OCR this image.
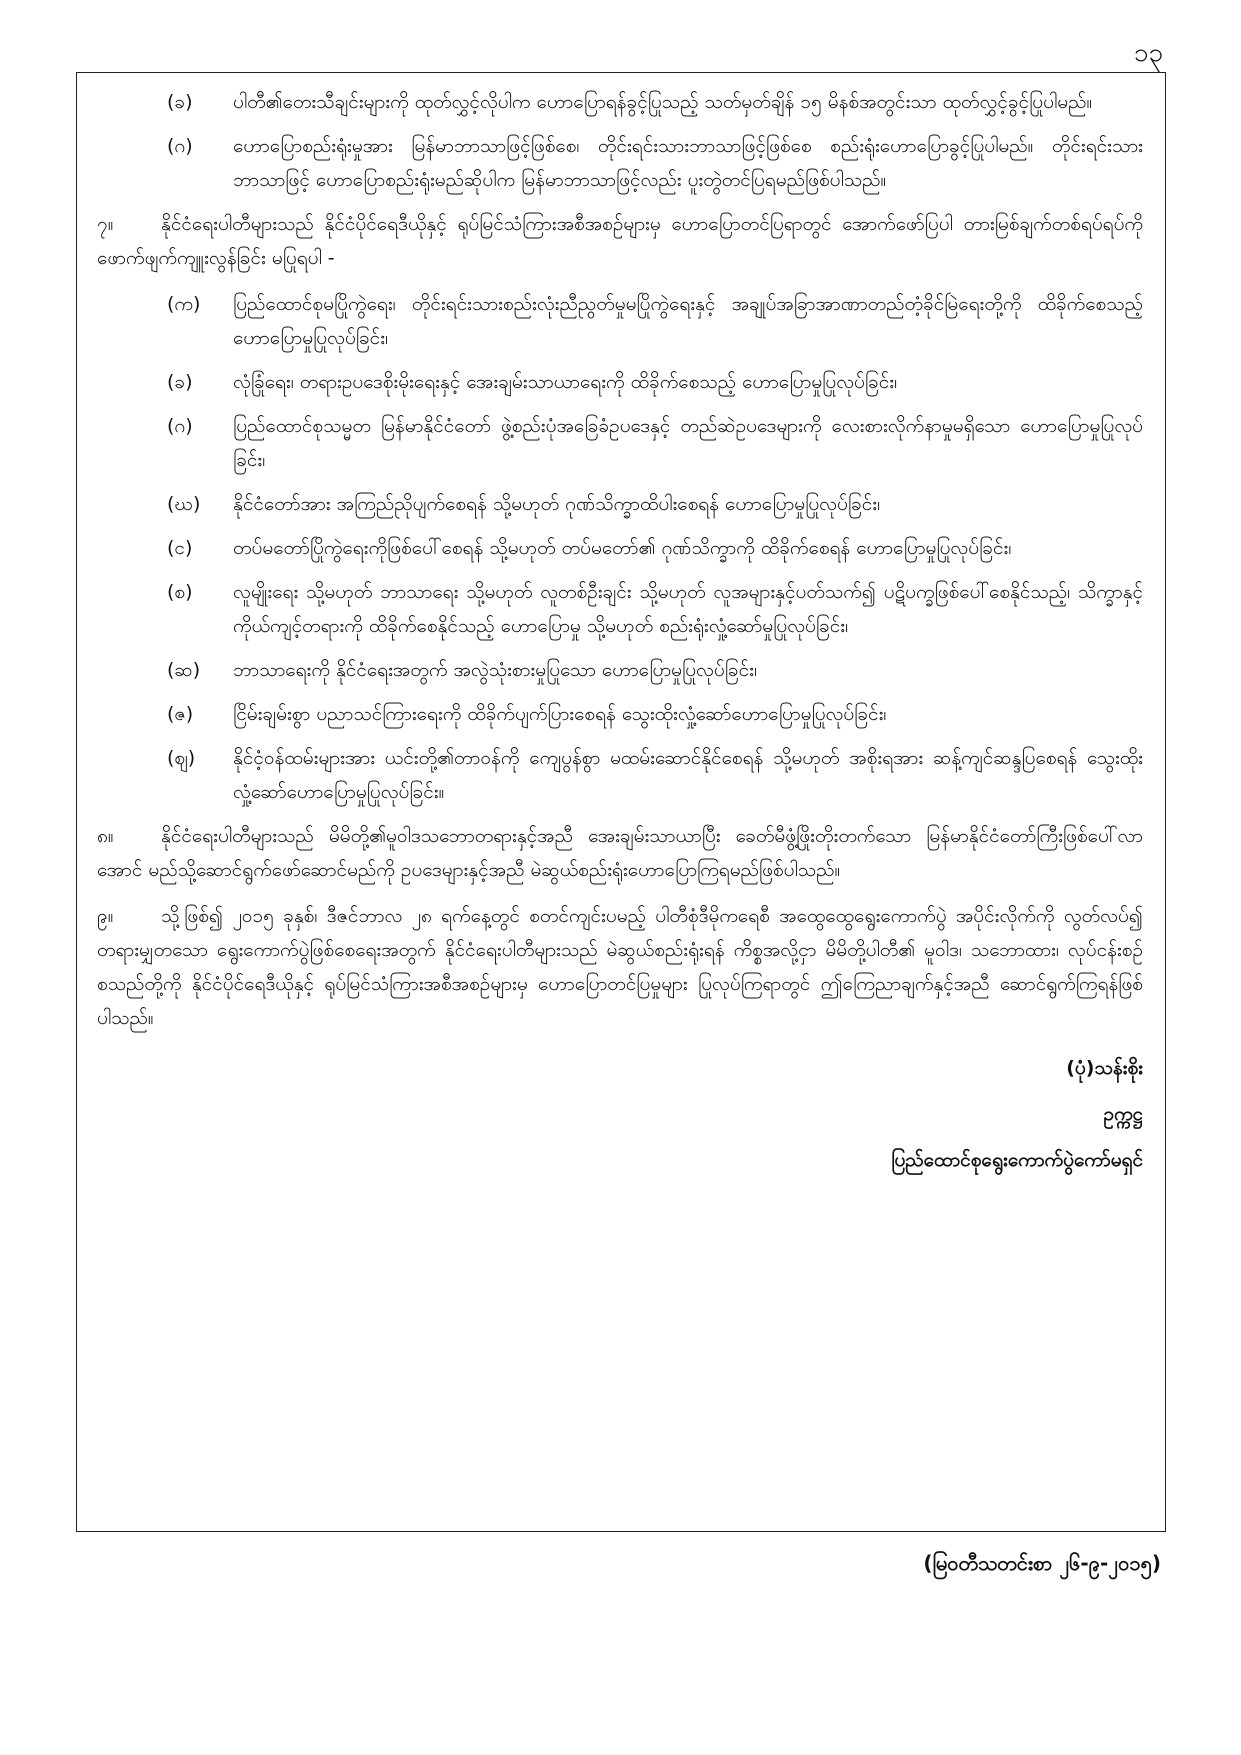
၁၃
(ခ)	ပါတီ၏တေးသီချင်းများကို ထုတ်လွှင့်လိုပါက ဟောပြောရန်ခွင့်ပြုသည့် သတ်မှတ်ချိန် ၁၅ မိနစ်အတွင်းသာ ထုတ်လွှင့်ခွင့်ပြုပါမည်။
(ဂ)	ဟောပြောစည်းရုံးမှုအား မြန်မာဘာသာဖြင့်ဖြစ်စေ၊ တိုင်းရင်းသားဘာသာဖြင့်ဖြစ်စေ စည်းရုံးဟောပြောခွင့်ပြုပါမည်။ တိုင်းရင်းသားဘာသာဖြင့် ဟောပြောစည်းရုံးမည်ဆိုပါက မြန်မာဘာသာဖြင့်လည်း ပူးတွဲတင်ပြရမည်ဖြစ်ပါသည်။

၇။	နိုင်ငံရေးပါတီများသည် နိုင်ငံပိုင်ရေဒီယိုနှင့် ရုပ်မြင်သံကြားအစီအစဉ်များမှ ဟောပြောတင်ပြရာတွင် အောက်ဖော်ပြပါ တားမြစ်ချက်တစ်ရပ်ရပ်ကို ဖောက်ဖျက်ကျူးလွန်ခြင်း မပြုရပါ -

(က)	ပြည်ထောင်စုမပြိုကွဲရေး၊ တိုင်းရင်းသားစည်းလုံးညီညွတ်မှုမပြိုကွဲရေးနှင့် အချုပ်အခြာအာဏာတည်တံ့ခိုင်မြဲရေးတို့ကို ထိခိုက်စေသည့်ဟောပြောမှုပြုလုပ်ခြင်း၊
(ခ)	လုံခြုံရေး၊ တရားဥပဒေစိုးမိုးရေးနှင့် အေးချမ်းသာယာရေးကို ထိခိုက်စေသည့် ဟောပြောမှုပြုလုပ်ခြင်း၊
(ဂ)	ပြည်ထောင်စုသမ္မတ မြန်မာနိုင်ငံတော် ဖွဲ့စည်းပုံအခြေခံဥပဒေနှင့် တည်ဆဲဥပဒေများကို လေးစားလိုက်နာမှုမရှိသော ဟောပြောမှုပြုလုပ်ခြင်း၊
(ဃ)	နိုင်ငံတော်အား အကြည်ညိုပျက်စေရန် သို့မဟုတ် ဂုဏ်သိက္ခာထိပါးစေရန် ဟောပြောမှုပြုလုပ်ခြင်း၊
(င)	တပ်မတော်ပြိုကွဲရေးကိုဖြစ်ပေါ်စေရန် သို့မဟုတ် တပ်မတော်၏ ဂုဏ်သိက္ခာကို ထိခိုက်စေရန် ဟောပြောမှုပြုလုပ်ခြင်း၊
(စ)	လူမျိုးရေး သို့မဟုတ် ဘာသာရေး သို့မဟုတ် လူတစ်ဦးချင်း သို့မဟုတ် လူအများနှင့်ပတ်သက်၍ ပဋိပက္ခဖြစ်ပေါ်စေနိုင်သည့်၊ သိက္ခာနှင့်ကိုယ်ကျင့်တရားကို ထိခိုက်စေနိုင်သည့် ဟောပြောမှု သို့မဟုတ် စည်းရုံးလှုံ့ဆော်မှုပြုလုပ်ခြင်း၊
(ဆ)	ဘာသာရေးကို နိုင်ငံရေးအတွက် အလွဲသုံးစားမှုပြုသော ဟောပြောမှုပြုလုပ်ခြင်း၊
(ဇ)	ငြိမ်းချမ်းစွာ ပညာသင်ကြားရေးကို ထိခိုက်ပျက်ပြားစေရန် သွေးထိုးလှုံ့ဆော်ဟောပြောမှုပြုလုပ်ခြင်း၊
(ဈ)	နိုင်ငံ့ဝန်ထမ်းများအား ယင်းတို့၏တာဝန်ကို ကျေပွန်စွာ မထမ်းဆောင်နိုင်စေရန် သို့မဟုတ် အစိုးရအား ဆန့်ကျင်ဆန္ဒပြစေရန် သွေးထိုးလှုံ့ဆော်ဟောပြောမှုပြုလုပ်ခြင်း။

၈။ နိုင်ငံရေးပါတီများသည် မိမိတို့၏မူဝါဒသဘောတရားနှင့်အညီ အေးချမ်းသာယာပြီး ခေတ်မီဖွံ့ဖြိုးတိုးတက်သော မြန်မာနိုင်ငံတော်ကြီးဖြစ်ပေါ်လာအောင် မည်သို့ဆောင်ရွက်ဖော်ဆောင်မည်ကို ဥပဒေများနှင့်အညီ မဲဆွယ်စည်းရုံးဟောပြောကြရမည်ဖြစ်ပါသည်။

၉။	သို့ဖြစ်၍ ၂၀၁၅ ခုနှစ်၊ ဒီဇင်ဘာလ ၂၈ ရက်နေ့တွင် စတင်ကျင်းပမည့် ပါတီစုံဒီမိုကရေစီ အထွေထွေရွေးကောက်ပွဲ အပိုင်းလိုက်ကို လွတ်လပ်၍ တရားမျှတသော ရွေးကောက်ပွဲဖြစ်စေရေးအတွက် နိုင်ငံရေးပါတီများသည် မဲဆွယ်စည်းရုံးရန် ကိစ္စအလို့ငှာ မိမိတို့ပါတီ၏ မူဝါဒ၊ သဘောထား၊ လုပ်ငန်းစဉ် စသည်တို့ကို နိုင်ငံပိုင်ရေဒီယိုနှင့် ရုပ်မြင်သံကြားအစီအစဉ်များမှ ဟောပြောတင်ပြမှုများ ပြုလုပ်ကြရာတွင် ဤကြေညာချက်နှင့်အညီ ဆောင်ရွက်ကြရန်ဖြစ်ပါသည်။

(ပုံ)သန်းစိုး
ဥက္ကဋ္ဌ
ပြည်ထောင်စုရွေးကောက်ပွဲကော်မရှင်
(မြဝတီသတင်းစာ ၂၆-၉-၂၀၁၅)
